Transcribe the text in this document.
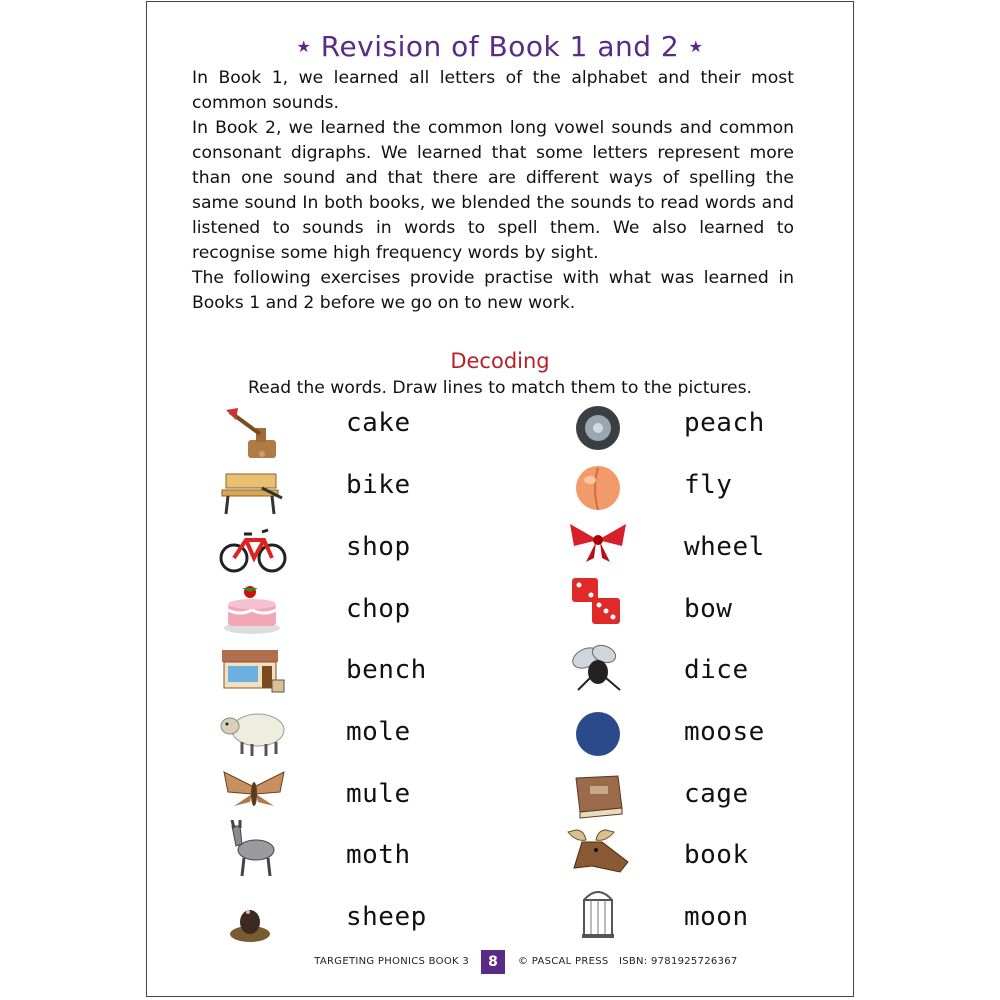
★ Revision of Book 1 and 2 ★

In Book 1, we learned all letters of the alphabet and their most common sounds.

In Book 2, we learned the common long vowel sounds and common consonant digraphs. We learned that some letters represent more than one sound and that there are different ways of spelling the same sound In both books, we blended the sounds to read words and listened to sounds in words to spell them. We also learned to recognise some high frequency words by sight.

The following exercises provide practise with what was learned in Books 1 and 2 before we go on to new work.

Decoding
Read the words. Draw lines to match them to the pictures.
cake
bike
shop
chop
bench
mole
mule
moth
sheep
peach
fly
wheel
bow
dice
moose
cage
book
moon
TARGETING PHONICS BOOK 3	8	© PASCAL PRESS ISBN: 9781925726367
